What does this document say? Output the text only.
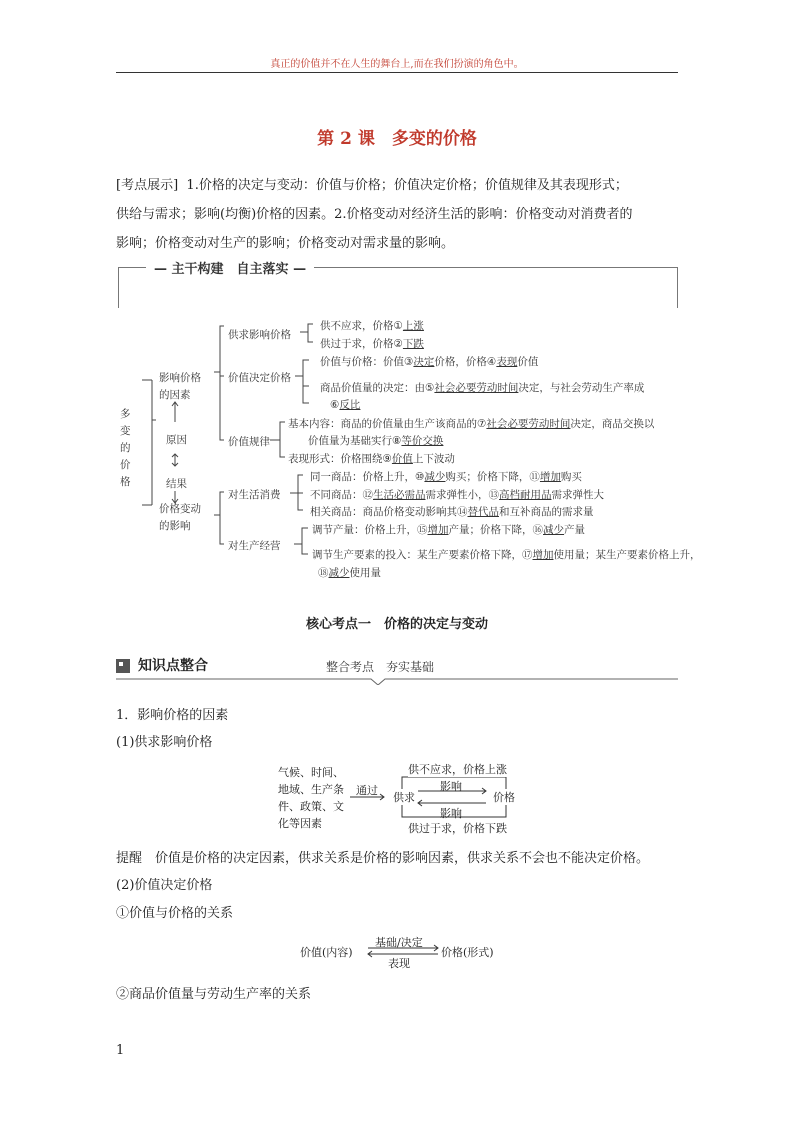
真正的价值并不在人生的舞台上,而在我们扮演的角色中。
第 2 课　多变的价格
[考点展示] 1.价格的决定与变动：价值与价格；价值决定价格；价值规律及其表现形式；
供给与需求；影响(均衡)价格的因素。2.价格变动对经济生活的影响：价格变动对消费者的
影响；价格变动对生产的影响；价格变动对需求量的影响。
— 主干构建　自主落实 —
多
变
的
价
格
影响价格
的因素
原因
结果
价格变动
的影响
供求影响价格
供不应求，价格①上涨
供过于求，价格②下跌
价值决定价格
价值与价格：价值③决定价格，价格④表现价值
商品价值量的决定：由⑤社会必要劳动时间决定，与社会劳动生产率成
⑥反比
价值规律
基本内容：商品的价值量由生产该商品的⑦社会必要劳动时间决定，商品交换以
价值量为基础实行⑧等价交换
表现形式：价格围绕⑨价值上下波动
对生活消费
同一商品：价格上升，⑩减少购买；价格下降，⑪增加购买
不同商品：⑫生活必需品需求弹性小，⑬高档耐用品需求弹性大
相关商品：商品价格变动影响其⑭替代品和互补商品的需求量
对生产经营
调节产量：价格上升，⑮增加产量；价格下降，⑯减少产量
调节生产要素的投入：某生产要素价格下降，⑰增加使用量；某生产要素价格上升，
⑱减少使用量
核心考点一　价格的决定与变动
知识点整合	整合考点　夯实基础
1．影响价格的因素
(1)供求影响价格
气候、时间、
地域、生产条
件、政策、文
化等因素
通过
供求	价格
影响
影响
供不应求，价格上涨
供过于求，价格下跌
提醒　价值是价格的决定因素，供求关系是价格的影响因素，供求关系不会也不能决定价格。
(2)价值决定价格
①价值与价格的关系
价值(内容)
基础/决定
价格(形式)
表现
②商品价值量与劳动生产率的关系
1
